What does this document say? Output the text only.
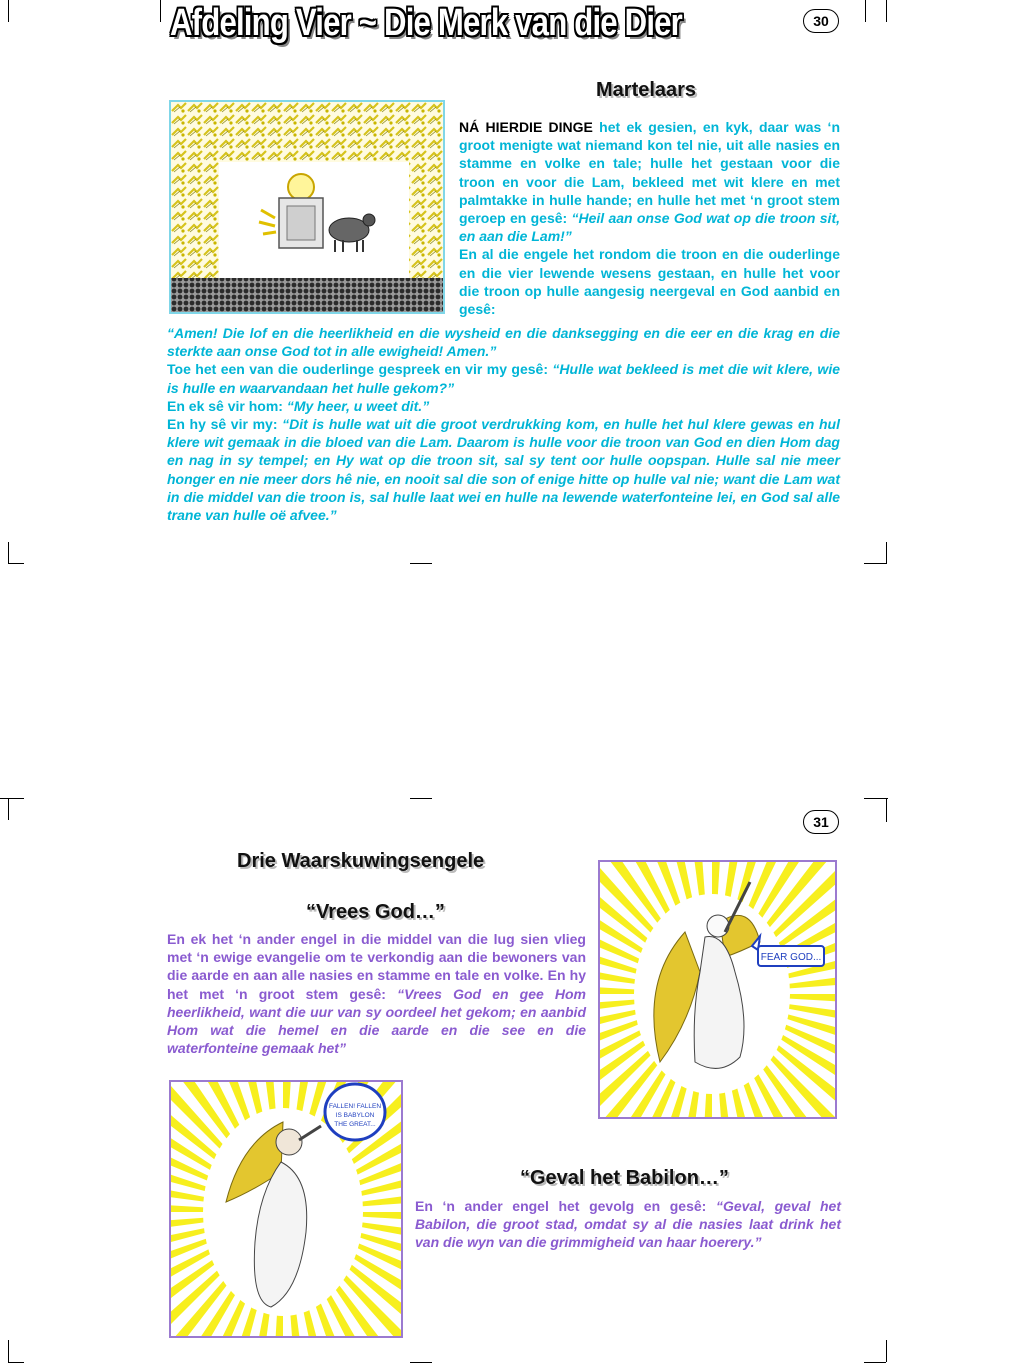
Afdeling Vier ~ Die Merk van die Dier	30
Martelaars

NÁ HIERDIE DINGE het ek gesien, en kyk, daar was ‘n groot menigte wat niemand kon tel nie, uit alle nasies en stamme en volke en tale; hulle het gestaan voor die troon en voor die Lam, bekleed met wit klere en met palmtakke in hulle hande; en hulle het met ‘n groot stem geroep en gesê: “Heil aan onse God wat op die troon sit, en aan die Lam!”

En al die engele het rondom die troon en die ouderlinge en die vier lewende wesens gestaan, en hulle het voor die troon op hulle aangesig neergeval en God aanbid en gesê:

“Amen! Die lof en die heerlikheid en die wysheid en die danksegging en die eer en die krag en die sterkte aan onse God tot in alle ewigheid! Amen.”

Toe het een van die ouderlinge gespreek en vir my gesê: “Hulle wat bekleed is met die wit klere, wie is hulle en waarvandaan het hulle gekom?”

En ek sê vir hom: “My heer, u weet dit.”

En hy sê vir my: “Dit is hulle wat uit die groot verdrukking kom, en hulle het hul klere gewas en hul klere wit gemaak in die bloed van die Lam. Daarom is hulle voor die troon van God en dien Hom dag en nag in sy tempel; en Hy wat op die troon sit, sal sy tent oor hulle oopspan. Hulle sal nie meer honger en nie meer dors hê nie, en nooit sal die son of enige hitte op hulle val nie; want die Lam wat in die middel van die troon is, sal hulle laat wei en hulle na lewende waterfonteine lei, en God sal alle trane van hulle oë afvee.”

31
Drie Waarskuwingsengele
“Vrees God…”

En ek het ‘n ander engel in die middel van die lug sien vlieg met ‘n ewige evangelie om te verkondig aan die bewoners van die aarde en aan alle nasies en stamme en tale en volke. En hy het met ‘n groot stem gesê: “Vrees God en gee Hom heerlikheid, want die uur van sy oordeel het gekom; en aanbid Hom wat die hemel en die aarde en die see en die waterfonteine gemaak het”

FEAR GOD...
FALLEN! FALLEN
IS BABYLON
THE GREAT...
“Geval het Babilon…”

En ‘n ander engel het gevolg en gesê: “Geval, geval het Babilon, die groot stad, omdat sy al die nasies laat drink het van die wyn van die grimmigheid van haar hoerery.”
